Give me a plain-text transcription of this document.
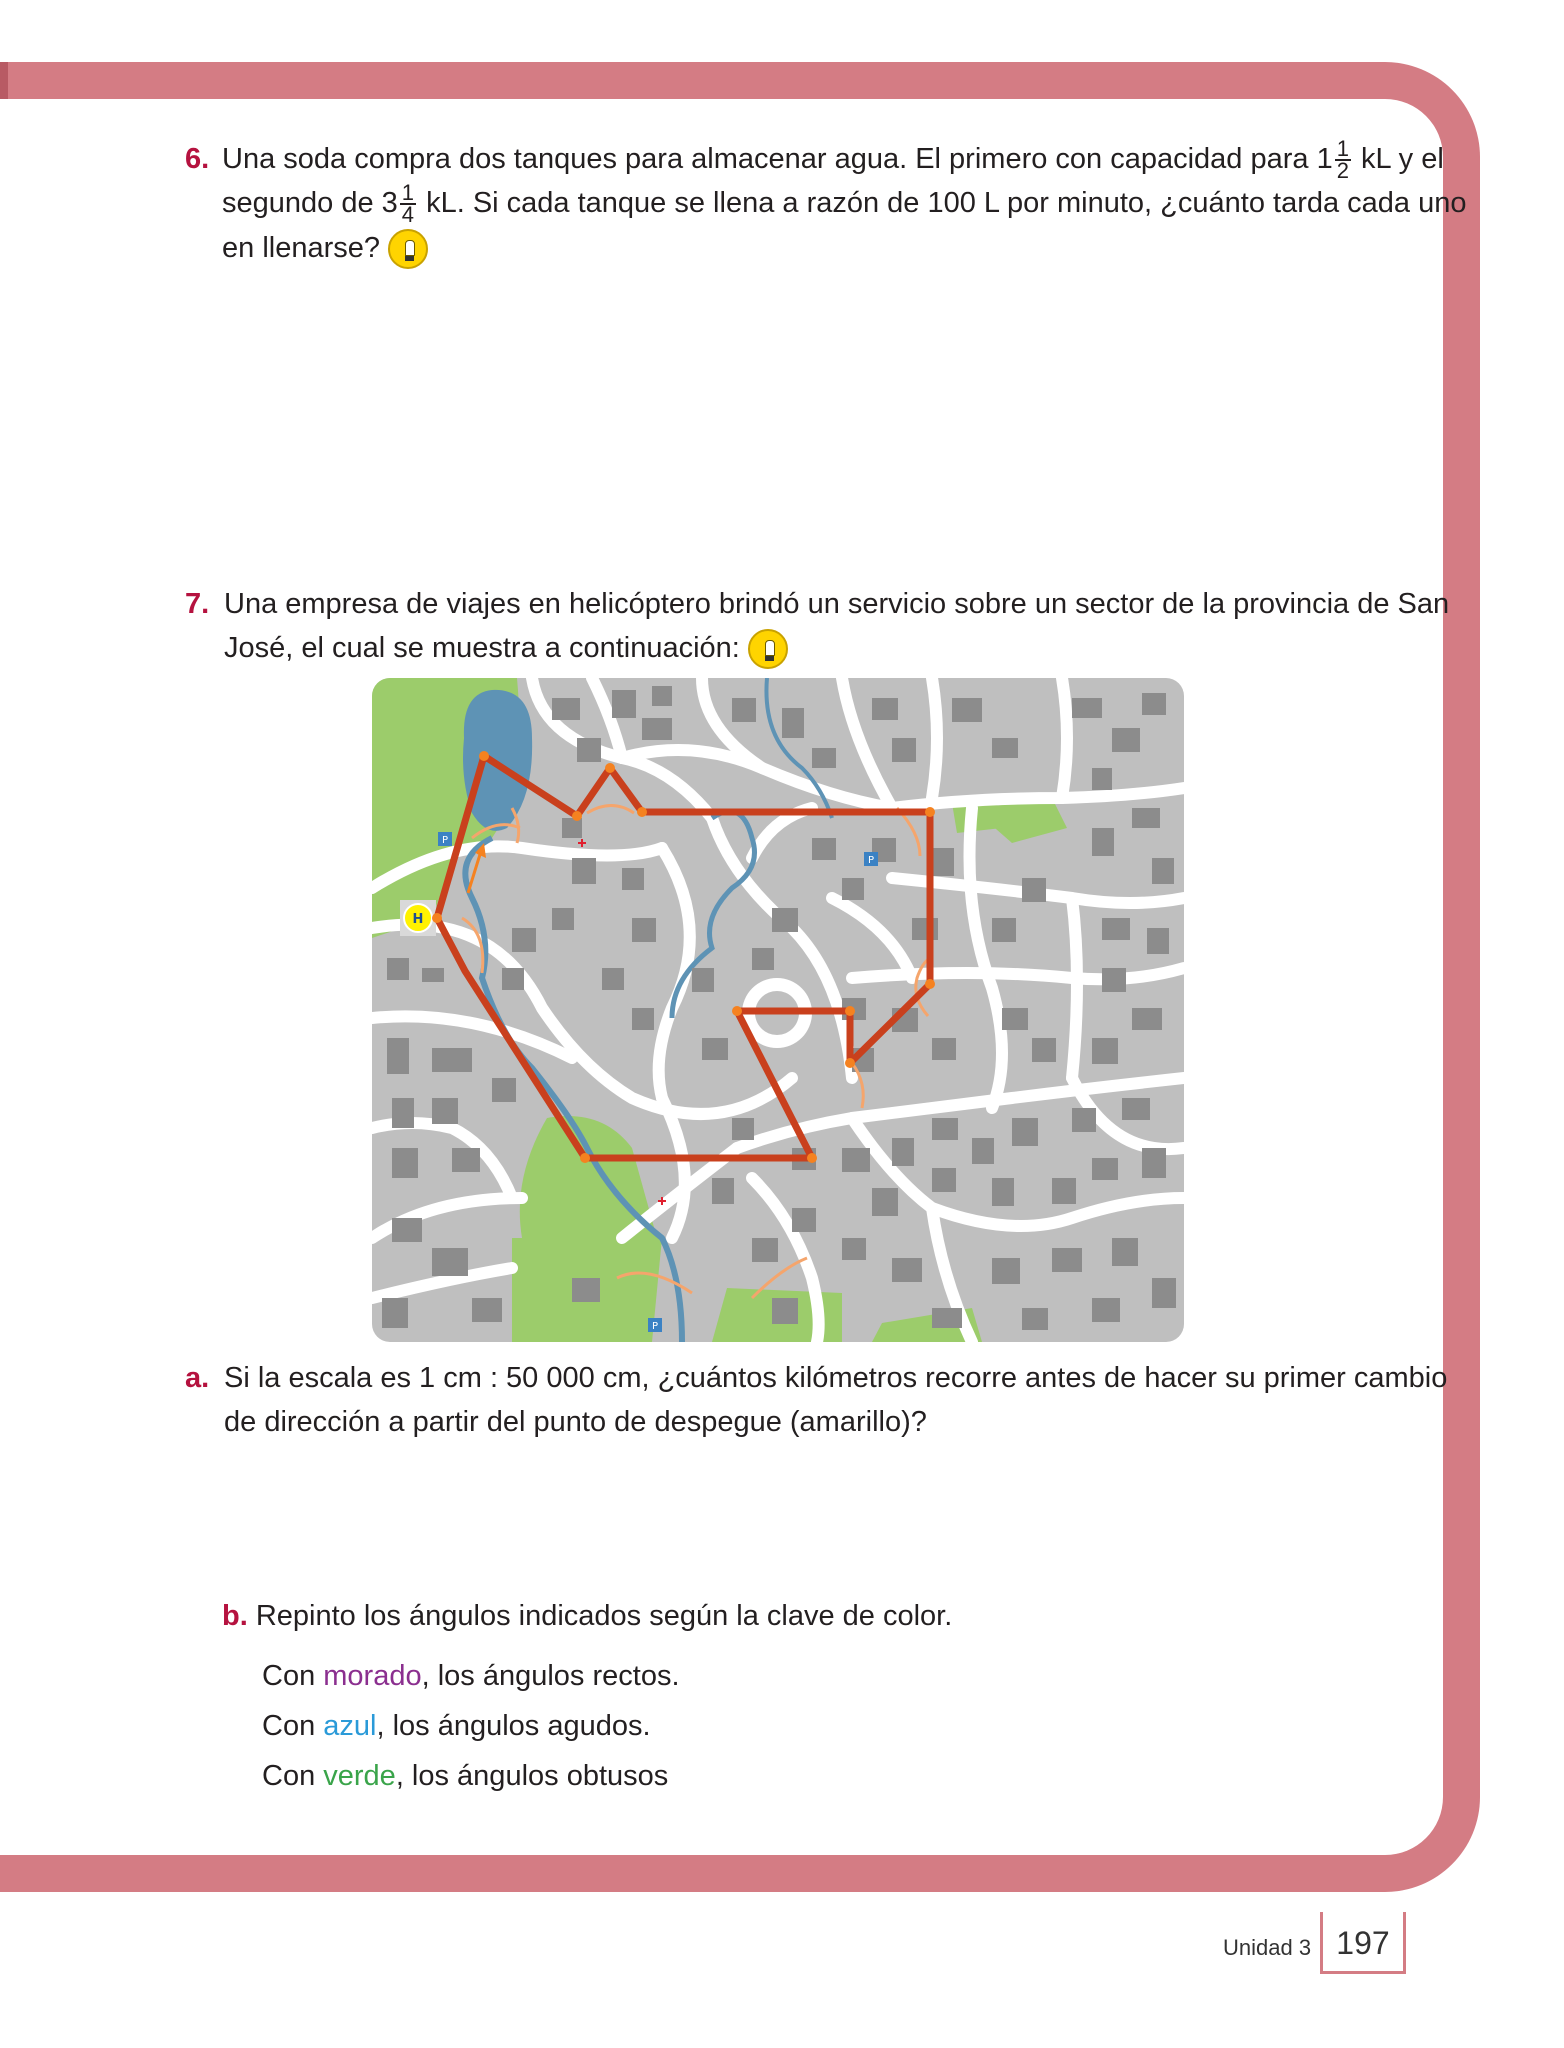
6. Una soda compra dos tanques para almacenar agua. El primero con capacidad para $1 \frac{1}{2}$ kL y el
segundo de $3 \frac{1}{4}$ kL. Si cada tanque se llena a razón de 100 L por minuto, ¿cuánto tarda cada uno
en llenarse?
7. Una empresa de viajes en helicóptero brindó un servicio sobre un sector de la provincia de San
José, el cual se muestra a continuación:
P
P
P
H
a. Si la escala es 1 cm : 50 000 cm, ¿cuántos kilómetros recorre antes de hacer su primer cambio
de dirección a partir del punto de despegue (amarillo)?
b. Repinto los ángulos indicados según la clave de color.
Con morado, los ángulos rectos.
Con azul, los ángulos agudos.
Con verde, los ángulos obtusos
Unidad 3 197
